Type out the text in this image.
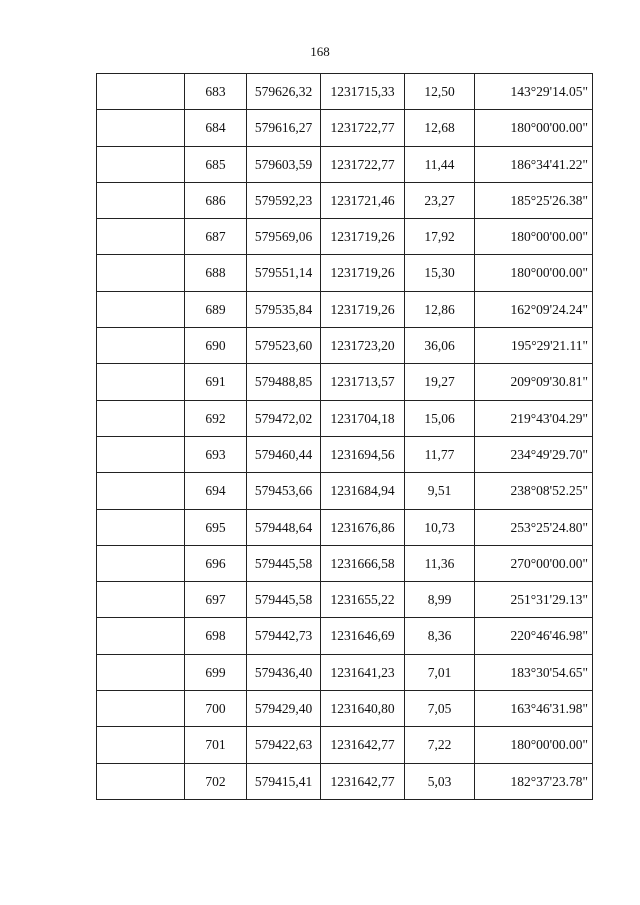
168
	683	579626,32	1231715,33	12,50	143°29'14.05"
	684	579616,27	1231722,77	12,68	180°00'00.00"
	685	579603,59	1231722,77	11,44	186°34'41.22"
	686	579592,23	1231721,46	23,27	185°25'26.38"
	687	579569,06	1231719,26	17,92	180°00'00.00"
	688	579551,14	1231719,26	15,30	180°00'00.00"
	689	579535,84	1231719,26	12,86	162°09'24.24"
	690	579523,60	1231723,20	36,06	195°29'21.11"
	691	579488,85	1231713,57	19,27	209°09'30.81"
	692	579472,02	1231704,18	15,06	219°43'04.29"
	693	579460,44	1231694,56	11,77	234°49'29.70"
	694	579453,66	1231684,94	9,51	238°08'52.25"
	695	579448,64	1231676,86	10,73	253°25'24.80"
	696	579445,58	1231666,58	11,36	270°00'00.00"
	697	579445,58	1231655,22	8,99	251°31'29.13"
	698	579442,73	1231646,69	8,36	220°46'46.98"
	699	579436,40	1231641,23	7,01	183°30'54.65"
	700	579429,40	1231640,80	7,05	163°46'31.98"
	701	579422,63	1231642,77	7,22	180°00'00.00"
	702	579415,41	1231642,77	5,03	182°37'23.78"
